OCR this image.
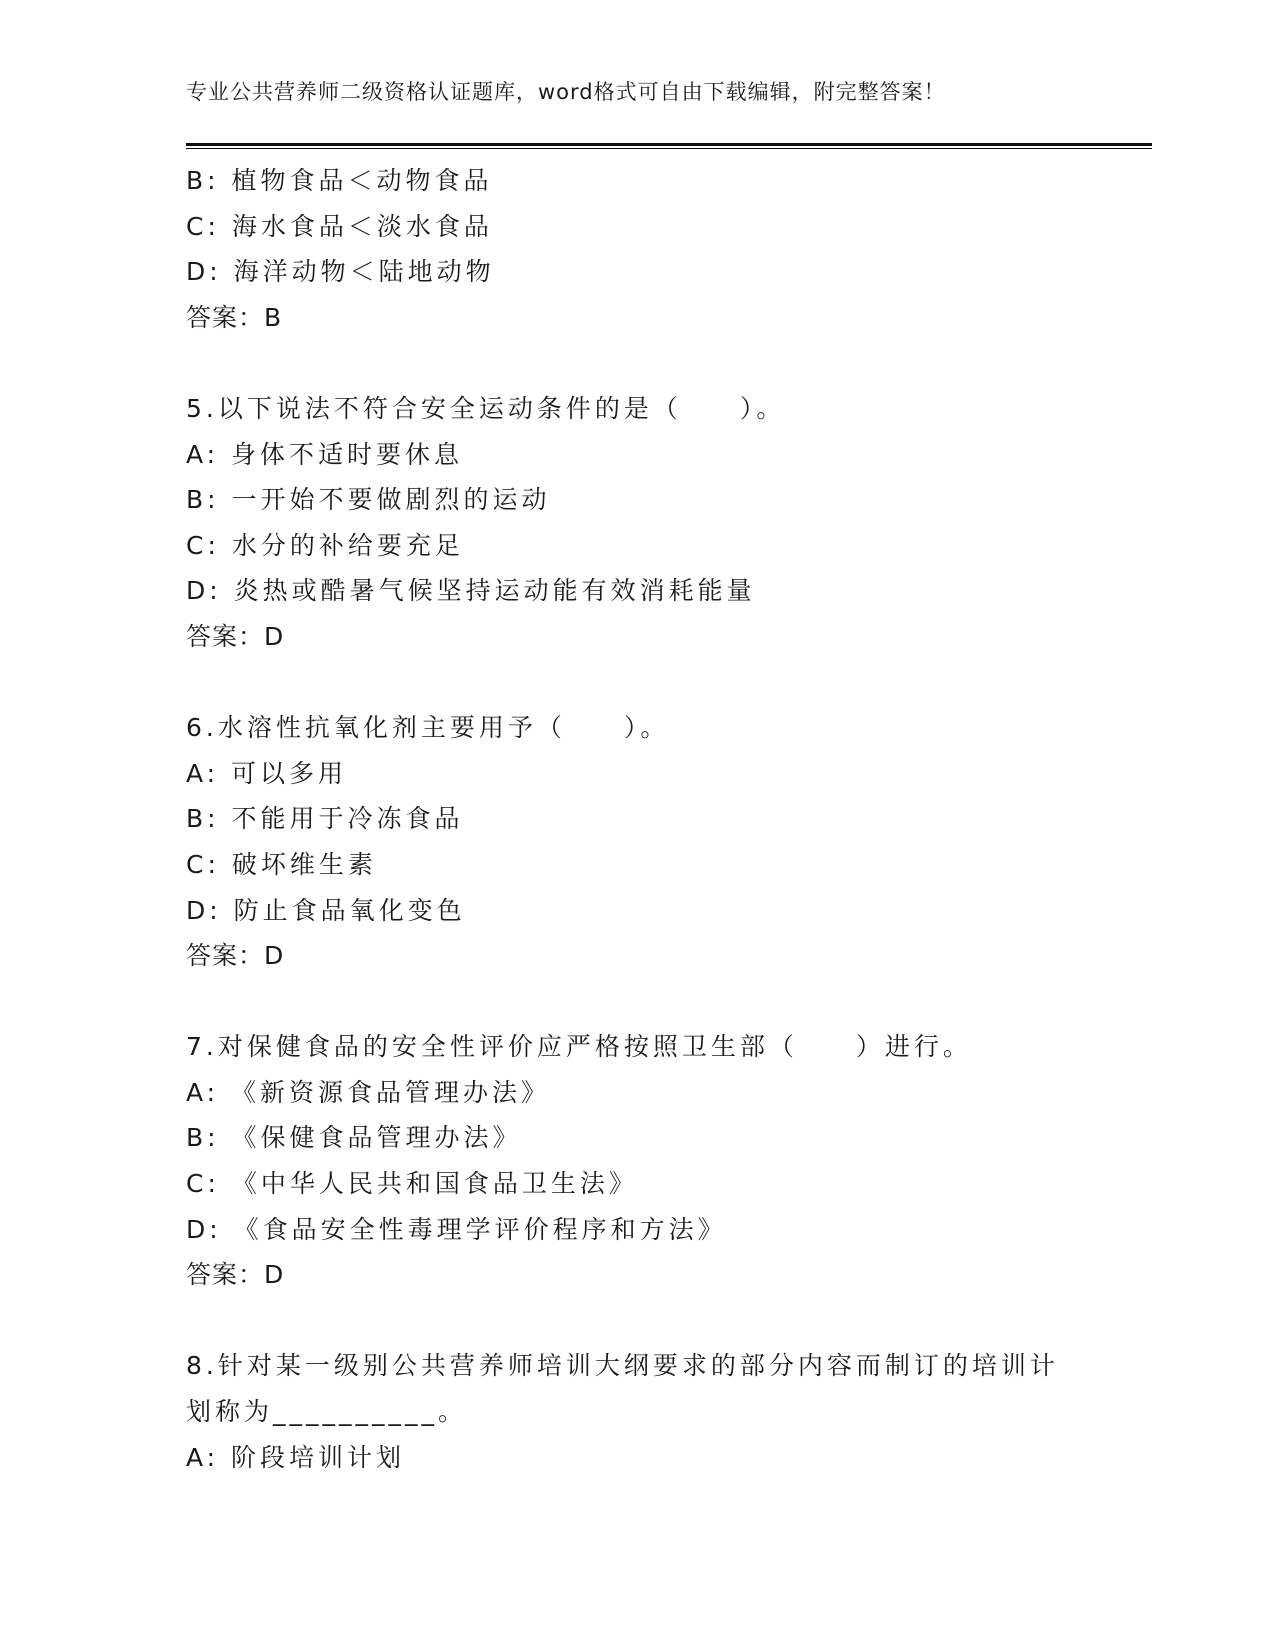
专业公共营养师二级资格认证题库，word格式可自由下载编辑，附完整答案！
B: 植物食品＜动物食品
C: 海水食品＜淡水食品
D: 海洋动物＜陆地动物
答案：B
5.以下说法不符合安全运动条件的是（　　）。
A: 身体不适时要休息
B: 一开始不要做剧烈的运动
C: 水分的补给要充足
D: 炎热或酷暑气候坚持运动能有效消耗能量
答案：D
6.水溶性抗氧化剂主要用予（　　）。
A: 可以多用
B: 不能用于冷冻食品
C: 破坏维生素
D: 防止食品氧化变色
答案：D
7.对保健食品的安全性评价应严格按照卫生部（　　）进行。
A: 《新资源食品管理办法》
B: 《保健食品管理办法》
C: 《中华人民共和国食品卫生法》
D: 《食品安全性毒理学评价程序和方法》
答案：D
8.针对某一级别公共营养师培训大纲要求的部分内容而制订的培训计
划称为__________。
A: 阶段培训计划
